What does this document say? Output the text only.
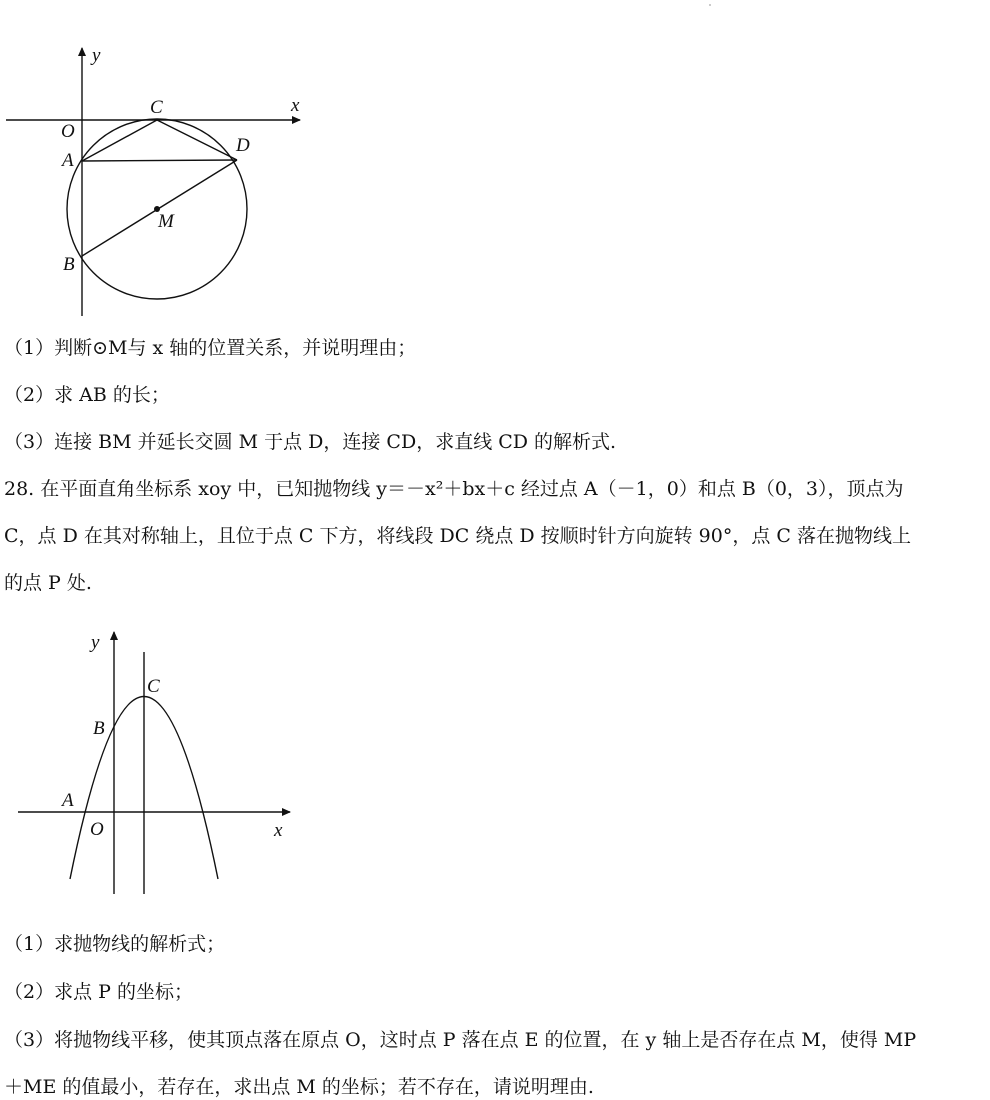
y
x
O
C
A
D
M
B
（1）判断⊙M与 x 轴的位置关系，并说明理由；
（2）求 AB 的长；
（3）连接 BM 并延长交圆 M 于点 D，连接 CD，求直线 CD 的解析式.
28. 在平面直角坐标系 xoy 中，已知抛物线 y＝－x²＋bx＋c 经过点 A（－1，0）和点 B（0，3），顶点为
C，点 D 在其对称轴上，且位于点 C 下方，将线段 DC 绕点 D 按顺时针方向旋转 90°，点 C 落在抛物线上
的点 P 处.
y
C
B
A
O	x
（1）求抛物线的解析式；
（2）求点 P 的坐标；
（3）将抛物线平移，使其顶点落在原点 O，这时点 P 落在点 E 的位置，在 y 轴上是否存在点 M，使得 MP
＋ME 的值最小，若存在，求出点 M 的坐标；若不存在，请说明理由.
